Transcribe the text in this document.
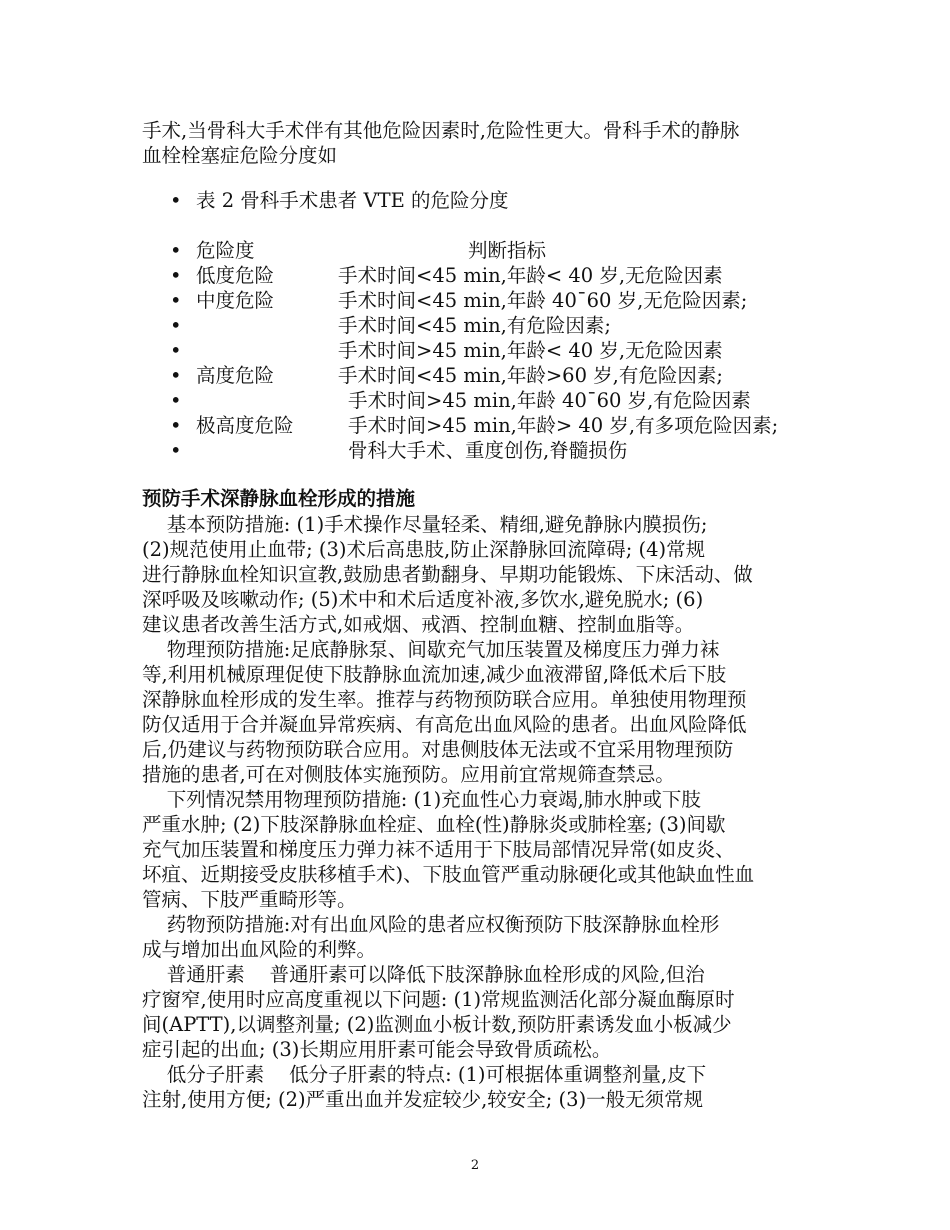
手术,当骨科大手术伴有其他危险因素时,危险性更大。骨科手术的静脉
血栓栓塞症危险分度如
• 表 2 骨科手术患者 VTE 的危险分度
• 危险度	判断指标
• 低度危险	手术时间<45 min,年龄< 40 岁,无危险因素
• 中度危险	手术时间<45 min,年龄 40¯60 岁,无危险因素;
•	手术时间<45 min,有危险因素;
•	手术时间>45 min,年龄< 40 岁,无危险因素
• 高度危险	手术时间<45 min,年龄>60 岁,有危险因素;
•	手术时间>45 min,年龄 40¯60 岁,有危险因素
• 极高度危险	手术时间>45 min,年龄> 40 岁,有多项危险因素;
•	骨科大手术、重度创伤,脊髓损伤
预防手术深静脉血栓形成的措施
基本预防措施: (1)手术操作尽量轻柔、精细,避免静脉内膜损伤;
(2)规范使用止血带; (3)术后高患肢,防止深静脉回流障碍; (4)常规
进行静脉血栓知识宣教,鼓励患者勤翻身、早期功能锻炼、下床活动、做
深呼吸及咳嗽动作; (5)术中和术后适度补液,多饮水,避免脱水; (6)
建议患者改善生活方式,如戒烟、戒酒、控制血糖、控制血脂等。
物理预防措施:足底静脉泵、间歇充气加压装置及梯度压力弹力袜
等,利用机械原理促使下肢静脉血流加速,减少血液滞留,降低术后下肢
深静脉血栓形成的发生率。推荐与药物预防联合应用。单独使用物理预
防仅适用于合并凝血异常疾病、有高危出血风险的患者。出血风险降低
后,仍建议与药物预防联合应用。对患侧肢体无法或不宜采用物理预防
措施的患者,可在对侧肢体实施预防。应用前宜常规筛查禁忌。
下列情况禁用物理预防措施: (1)充血性心力衰竭,肺水肿或下肢
严重水肿; (2)下肢深静脉血栓症、血栓(性)静脉炎或肺栓塞; (3)间歇
充气加压装置和梯度压力弹力袜不适用于下肢局部情况异常(如皮炎、
坏疽、近期接受皮肤移植手术)、下肢血管严重动脉硬化或其他缺血性血
管病、下肢严重畸形等。
药物预防措施:对有出血风险的患者应权衡预防下肢深静脉血栓形
成与增加出血风险的利弊。
普通肝素    普通肝素可以降低下肢深静脉血栓形成的风险,但治
疗窗窄,使用时应高度重视以下问题: (1)常规监测活化部分凝血酶原时
间(APTT),以调整剂量; (2)监测血小板计数,预防肝素诱发血小板减少
症引起的出血; (3)长期应用肝素可能会导致骨质疏松。
低分子肝素    低分子肝素的特点: (1)可根据体重调整剂量,皮下
注射,使用方便; (2)严重出血并发症较少,较安全; (3)一般无须常规
2
